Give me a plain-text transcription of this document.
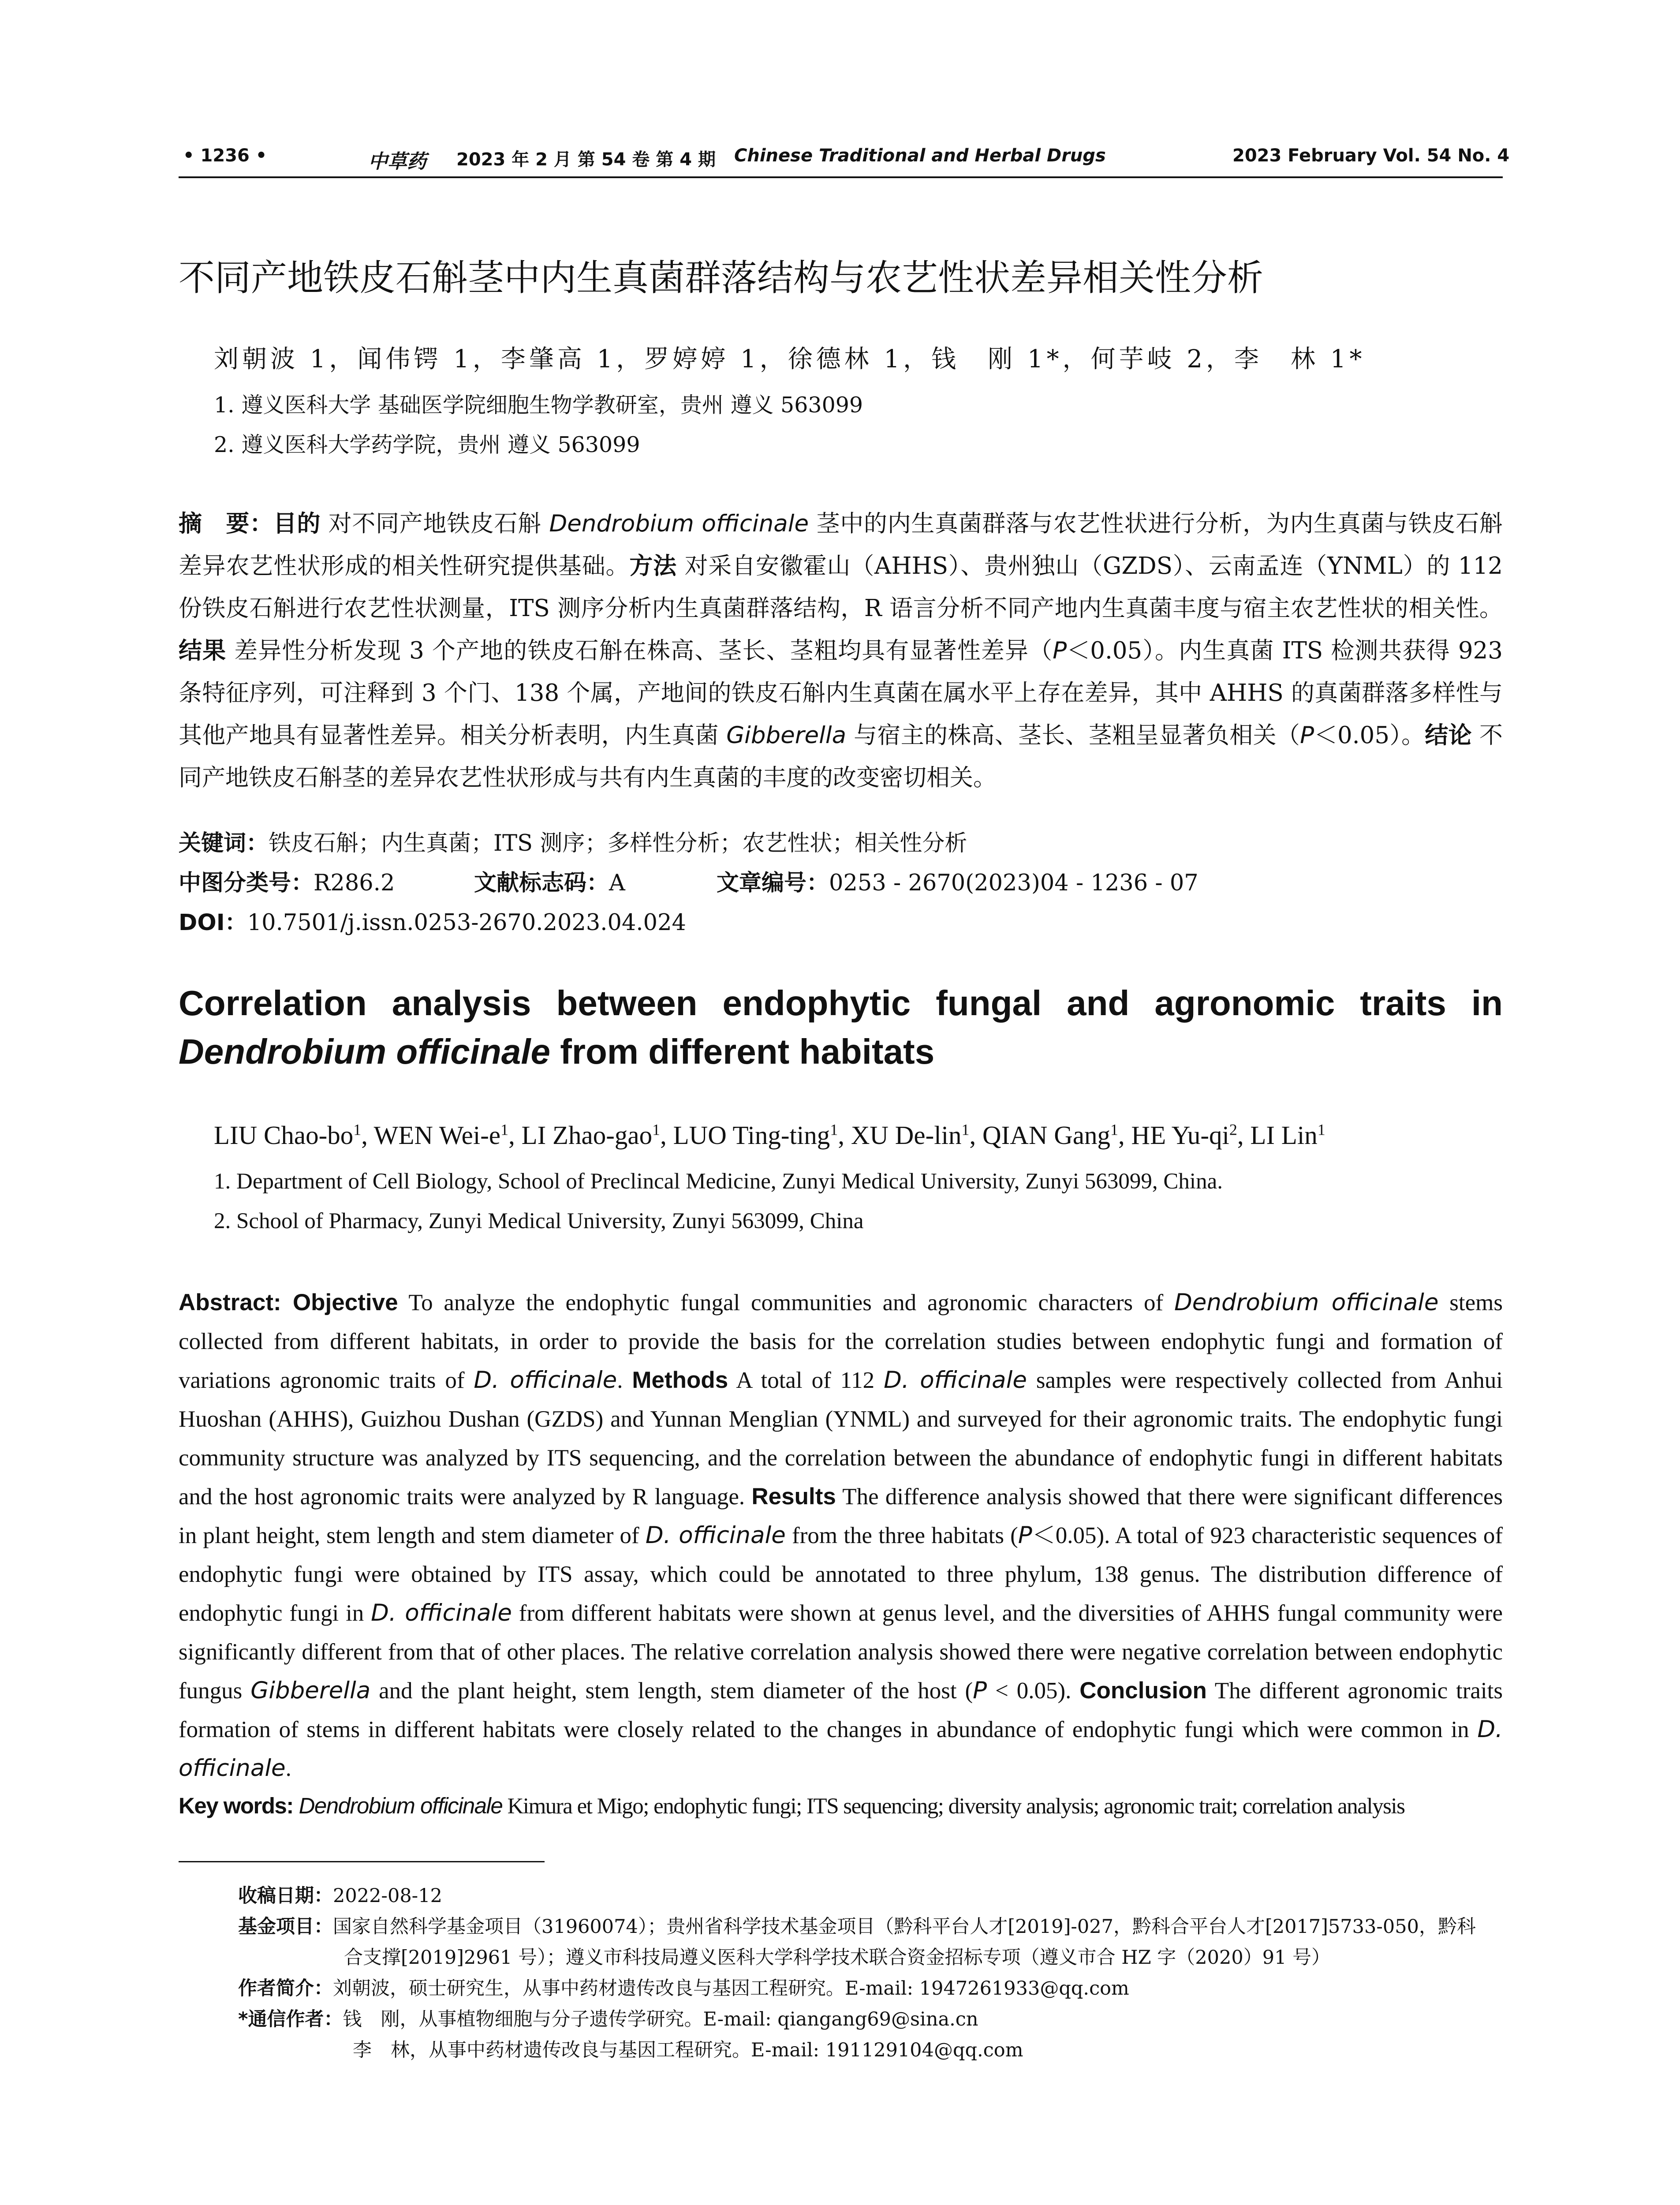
• 1236 •	中草药 2023 年 2 月 第 54 卷 第 4 期 Chinese Traditional and Herbal Drugs	2023 February Vol. 54 No. 4
不同产地铁皮石斛茎中内生真菌群落结构与农艺性状差异相关性分析
刘朝波 1，闻伟锷 1，李肇高 1，罗婷婷 1，徐德林 1，钱　刚 1*，何芋岐 2，李　林 1*
1. 遵义医科大学 基础医学院细胞生物学教研室，贵州 遵义 563099
2. 遵义医科大学药学院，贵州 遵义 563099
摘　要：目的 对不同产地铁皮石斛 Dendrobium officinale 茎中的内生真菌群落与农艺性状进行分析，为内生真菌与铁皮石斛差异农艺性状形成的相关性研究提供基础。方法 对采自安徽霍山（AHHS）、贵州独山（GZDS）、云南孟连（YNML）的 112 份铁皮石斛进行农艺性状测量，ITS 测序分析内生真菌群落结构，R 语言分析不同产地内生真菌丰度与宿主农艺性状的相关性。结果 差异性分析发现 3 个产地的铁皮石斛在株高、茎长、茎粗均具有显著性差异（P＜0.05）。内生真菌 ITS 检测共获得 923 条特征序列，可注释到 3 个门、138 个属，产地间的铁皮石斛内生真菌在属水平上存在差异，其中 AHHS 的真菌群落多样性与其他产地具有显著性差异。相关分析表明，内生真菌 Gibberella 与宿主的株高、茎长、茎粗呈显著负相关（P＜0.05）。结论 不同产地铁皮石斛茎的差异农艺性状形成与共有内生真菌的丰度的改变密切相关。
关键词：铁皮石斛；内生真菌；ITS 测序；多样性分析；农艺性状；相关性分析
中图分类号：R286.2	文献标志码：A	文章编号：0253 - 2670(2023)04 - 1236 - 07
DOI：10.7501/j.issn.0253-2670.2023.04.024
Correlation analysis between endophytic fungal and agronomic traits in
Dendrobium officinale from different habitats
LIU Chao-$bo^1$, WEN Wei-$e^1$, LI Zhao-gao$^1$, LUO Ting-ting$^1$, XU De-lin$^1$, QIAN Gang$^1$, HE $Yu-qi^2$, LI Lin$^1$
1. Department of Cell Biology, School of Preclincal Medicine, Zunyi Medical University, Zunyi 563099, China.
2. School of Pharmacy, Zunyi Medical University, Zunyi 563099, China
Abstract: Objective To analyze the endophytic fungal communities and agronomic characters of Dendrobium officinale stems collected from different habitats, in order to provide the basis for the correlation studies between endophytic fungi and formation of variations agronomic traits of D. officinale. Methods A total of 112 D. officinale samples were respectively collected from Anhui Huoshan (AHHS), Guizhou Dushan (GZDS) and Yunnan Menglian (YNML) and surveyed for their agronomic traits. The endophytic fungi community structure was analyzed by ITS sequencing, and the correlation between the abundance of endophytic fungi in different habitats and the host agronomic traits were analyzed by R language. Results The difference analysis showed that there were significant differences in plant height, stem length and stem diameter of D. officinale from the three habitats (P＜0.05). A total of 923 characteristic sequences of endophytic fungi were obtained by ITS assay, which could be annotated to three phylum, 138 genus. The distribution difference of endophytic fungi in D. officinale from different habitats were shown at genus level, and the diversities of AHHS fungal community were significantly different from that of other places. The relative correlation analysis showed there were negative correlation between endophytic fungus Gibberella and the plant height, stem length, stem diameter of the host (P < 0.05). Conclusion The different agronomic traits formation of stems in different habitats were closely related to the changes in abundance of endophytic fungi which were common in D. officinale.
Key words: Dendrobium officinale Kimura et Migo; endophytic fungi; ITS sequencing; diversity analysis; agronomic trait; correlation analysis
收稿日期：2022-08-12
基金项目：国家自然科学基金项目（31960074）；贵州省科学技术基金项目（黔科平台人才[2019]-027，黔科合平台人才[2017]5733-050，黔科
合支撑[2019]2961 号）；遵义市科技局遵义医科大学科学技术联合资金招标专项（遵义市合 HZ 字（2020）91 号）
作者简介：刘朝波，硕士研究生，从事中药材遗传改良与基因工程研究。E-mail: 1947261933@qq.com
*通信作者：钱　刚，从事植物细胞与分子遗传学研究。E-mail: qiangang69@sina.cn
李　林，从事中药材遗传改良与基因工程研究。E-mail: 191129104@qq.com
